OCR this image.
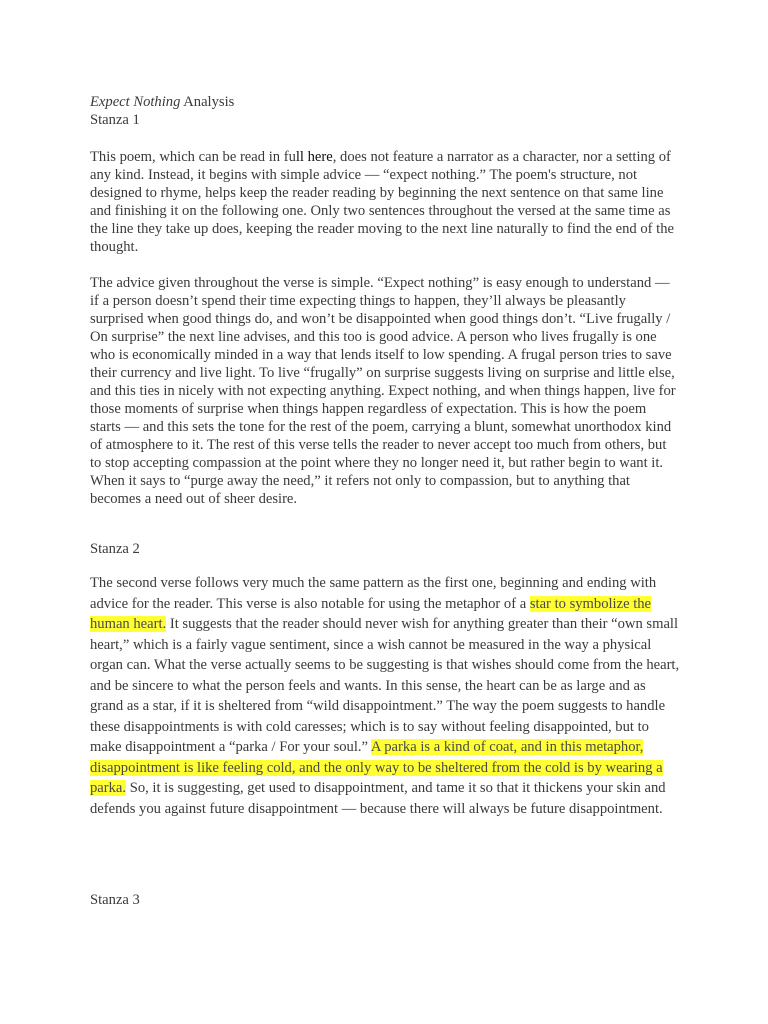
Expect Nothing Analysis
Stanza 1

This poem, which can be read in full here, does not feature a narrator as a character, nor a setting of any kind. Instead, it begins with simple advice — “expect nothing.” The poem's structure, not designed to rhyme, helps keep the reader reading by beginning the next sentence on that same line and finishing it on the following one. Only two sentences throughout the versed at the same time as the line they take up does, keeping the reader moving to the next line naturally to find the end of the thought.

The advice given throughout the verse is simple. “Expect nothing” is easy enough to understand — if a person doesn’t spend their time expecting things to happen, they’ll always be pleasantly surprised when good things do, and won’t be disappointed when good things don’t. “Live frugally / On surprise” the next line advises, and this too is good advice. A person who lives frugally is one who is economically minded in a way that lends itself to low spending. A frugal person tries to save their currency and live light. To live “frugally” on surprise suggests living on surprise and little else, and this ties in nicely with not expecting anything. Expect nothing, and when things happen, live for those moments of surprise when things happen regardless of expectation. This is how the poem starts — and this sets the tone for the rest of the poem, carrying a blunt, somewhat unorthodox kind of atmosphere to it. The rest of this verse tells the reader to never accept too much from others, but to stop accepting compassion at the point where they no longer need it, but rather begin to want it. When it says to “purge away the need,” it refers not only to compassion, but to anything that becomes a need out of sheer desire.

Stanza 2

The second verse follows very much the same pattern as the first one, beginning and ending with advice for the reader. This verse is also notable for using the metaphor of a star to symbolize the human heart. It suggests that the reader should never wish for anything greater than their “own small heart,” which is a fairly vague sentiment, since a wish cannot be measured in the way a physical organ can. What the verse actually seems to be suggesting is that wishes should come from the heart, and be sincere to what the person feels and wants. In this sense, the heart can be as large and as grand as a star, if it is sheltered from “wild disappointment.” The way the poem suggests to handle these disappointments is with cold caresses; which is to say without feeling disappointed, but to make disappointment a “parka / For your soul.” A parka is a kind of coat, and in this metaphor, disappointment is like feeling cold, and the only way to be sheltered from the cold is by wearing a parka. So, it is suggesting, get used to disappointment, and tame it so that it thickens your skin and defends you against future disappointment — because there will always be future disappointment.

Stanza 3
